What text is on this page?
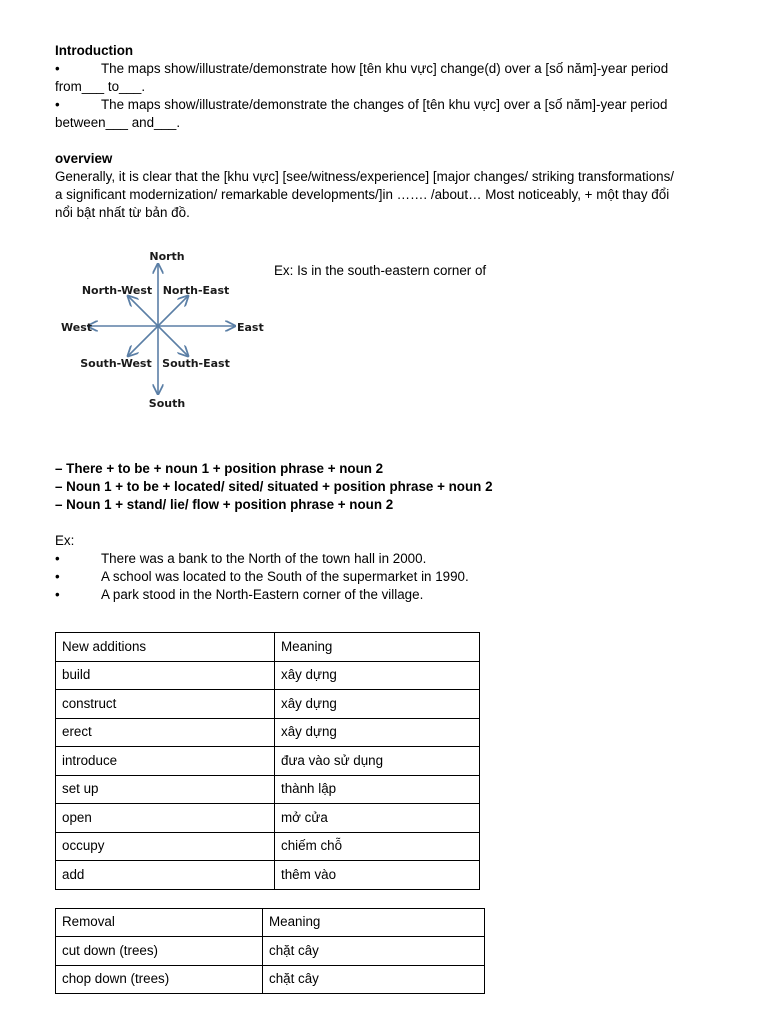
Introduction

•	The maps show/illustrate/demonstrate how [tên khu vực] change(d) over a [số năm]-year period

from___ to___.

•	The maps show/illustrate/demonstrate the changes of [tên khu vực] over a [số năm]-year period

between___ and___.

overview

Generally, it is clear that the [khu vực] [see/witness/experience] [major changes/ striking transformations/

a significant modernization/ remarkable developments/]in ……. /about… Most noticeably, + một thay đổi

nổi bật nhất từ bản đồ.

North
North-West North-East
West	East
South-West South-East
South

Ex: Is in the south-eastern corner of

– There + to be + noun 1 + position phrase + noun 2

– Noun 1 + to be + located/ sited/ situated + position phrase + noun 2

– Noun 1 + stand/ lie/ flow + position phrase + noun 2

Ex:

•	There was a bank to the North of the town hall in 2000.
•	A school was located to the South of the supermarket in 1990.
•	A park stood in the North-Eastern corner of the village.
New additions	Meaning
build	xây dựng
construct	xây dựng
erect	xây dựng
introduce	đưa vào sử dụng
set up	thành lập
open	mở cửa
occupy	chiếm chỗ
add	thêm vào
Removal	Meaning
cut down (trees)	chặt cây
chop down (trees)	chặt cây
